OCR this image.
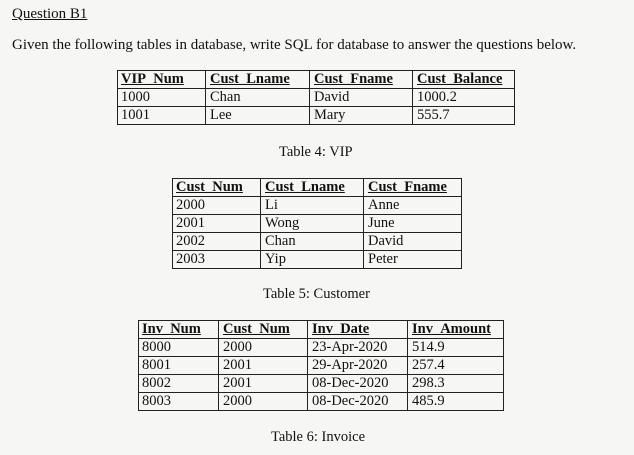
Question B1
Given the following tables in database, write SQL for database to answer the questions below.
VIP_Num	Cust_Lname	Cust_Fname	Cust_Balance
1000	Chan	David	1000.2
1001	Lee	Mary	555.7
Table 4: VIP
Cust_Num	Cust_Lname	Cust_Fname
2000	Li	Anne
2001	Wong	June
2002	Chan	David
2003	Yip	Peter
Table 5: Customer
Inv_Num	Cust_Num	Inv_Date	Inv_Amount
8000	2000	23-Apr-2020	514.9
8001	2001	29-Apr-2020	257.4
8002	2001	08-Dec-2020	298.3
8003	2000	08-Dec-2020	485.9
Table 6: Invoice
